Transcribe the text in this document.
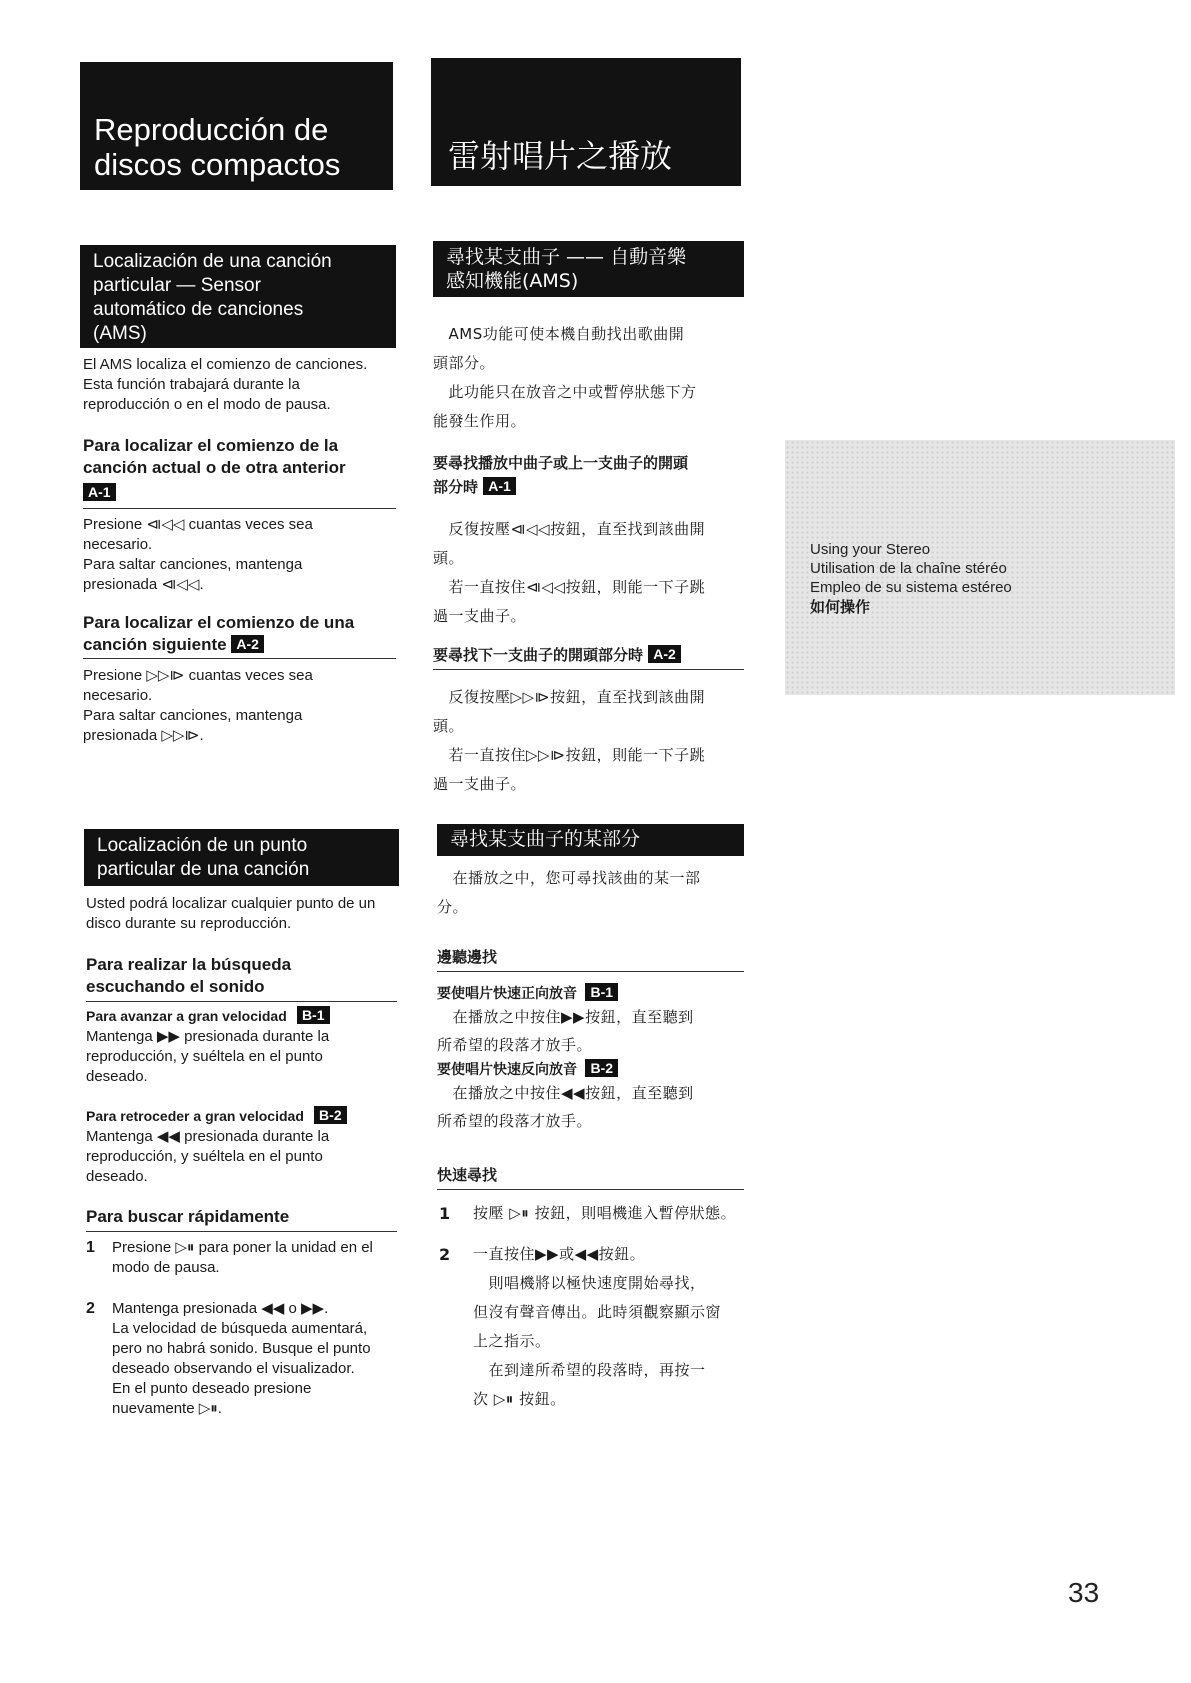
Reproducción de
discos compactos
Localización de una canción
particular — Sensor
automático de canciones
(AMS)
El AMS localiza el comienzo de canciones.
Esta función trabajará durante la
reproducción o en el modo de pausa.
Para localizar el comienzo de la
canción actual o de otra anterior
A-1
Presione ⧏◁◁ cuantas veces sea
necesario.
Para saltar canciones, mantenga
presionada ⧏◁◁.
Para localizar el comienzo de una
canción siguiente A-2
Presione ▷▷⧐ cuantas veces sea
necesario.
Para saltar canciones, mantenga
presionada ▷▷⧐.
Localización de un punto
particular de una canción
Usted podrá localizar cualquier punto de un
disco durante su reproducción.
Para realizar la búsqueda
escuchando el sonido
Para avanzar a gran velocidad B-1
Mantenga ▶▶ presionada durante la
reproducción, y suéltela en el punto
deseado.
Para retroceder a gran velocidad B-2
Mantenga ◀◀ presionada durante la
reproducción, y suéltela en el punto
deseado.
Para buscar rápidamente
1	Presione ▷⏸ para poner la unidad en el
modo de pausa.
2	Mantenga presionada ◀◀ o ▶▶.
La velocidad de búsqueda aumentará,
pero no habrá sonido. Busque el punto
deseado observando el visualizador.
En el punto deseado presione
nuevamente ▷⏸.
雷射唱片之播放
尋找某支曲子 —— 自動音樂
感知機能(AMS)
　AMS功能可使本機自動找出歌曲開
頭部分。
　此功能只在放音之中或暫停狀態下方
能發生作用。
要尋找播放中曲子或上一支曲子的開頭
部分時 A-1
　反復按壓⧏◁◁按鈕，直至找到該曲開
頭。
　若一直按住⧏◁◁按鈕，則能一下子跳
過一支曲子。
要尋找下一支曲子的開頭部分時 A-2
　反復按壓▷▷⧐按鈕，直至找到該曲開
頭。
　若一直按住▷▷⧐按鈕，則能一下子跳
過一支曲子。
尋找某支曲子的某部分
　在播放之中，您可尋找該曲的某一部
分。
邊聽邊找
要使唱片快速正向放音 B-1
　在播放之中按住▶▶按鈕，直至聽到
所希望的段落才放手。
要使唱片快速反向放音 B-2
　在播放之中按住◀◀按鈕，直至聽到
所希望的段落才放手。
快速尋找
1	按壓 ▷⏸ 按鈕，則唱機進入暫停狀態。
2	一直按住▶▶或◀◀按鈕。
　則唱機將以極快速度開始尋找，
但沒有聲音傳出。此時須觀察顯示窗
上之指示。
　在到達所希望的段落時，再按一
次 ▷⏸ 按鈕。
Using your Stereo
Utilisation de la chaîne stéréo
Empleo de su sistema estéreo
如何操作
33
